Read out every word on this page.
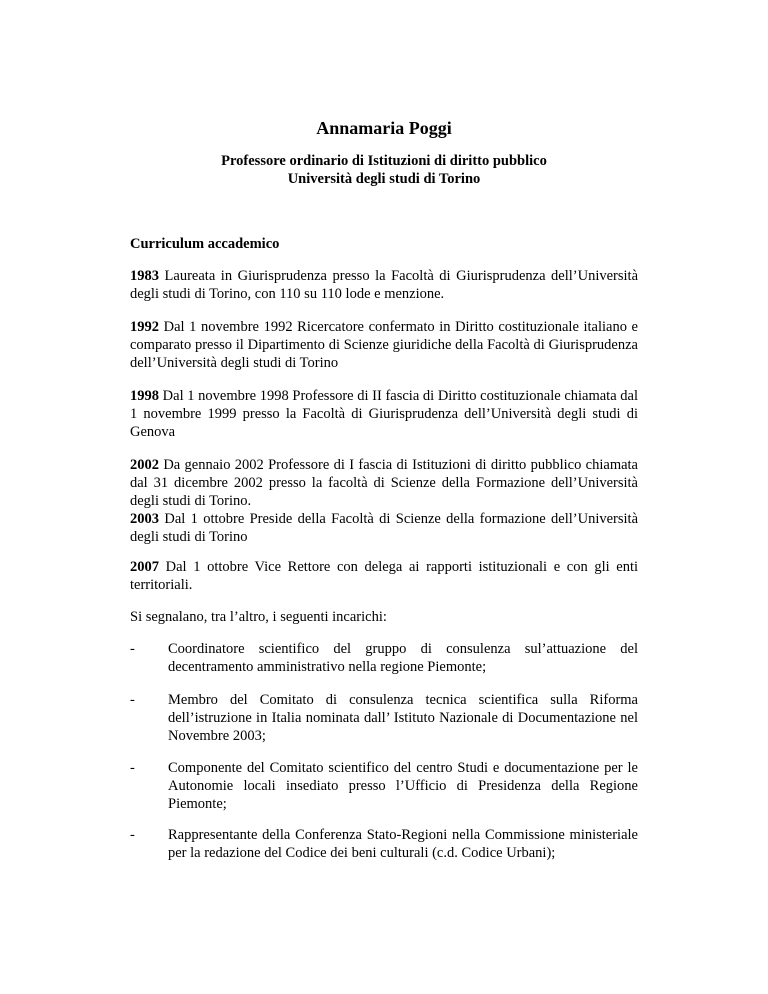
Annamaria Poggi
Professore ordinario di Istituzioni di diritto pubblico
Università degli studi di Torino
Curriculum accademico
1983 Laureata in Giurisprudenza presso la Facoltà di Giurisprudenza dell’Università degli studi di Torino, con 110 su 110 lode e menzione.
1992 Dal 1 novembre 1992 Ricercatore confermato in Diritto costituzionale italiano e comparato presso il Dipartimento di Scienze giuridiche della Facoltà di Giurisprudenza dell’Università degli studi di Torino
1998 Dal 1 novembre 1998 Professore di II fascia di Diritto costituzionale chiamata dal 1 novembre 1999 presso la Facoltà di Giurisprudenza dell’Università degli studi di Genova
2002 Da gennaio 2002 Professore di I fascia di Istituzioni di diritto pubblico chiamata dal 31 dicembre 2002 presso la facoltà di Scienze della Formazione dell’Università degli studi di Torino.
2003 Dal 1 ottobre Preside della Facoltà di Scienze della formazione dell’Università degli studi di Torino
2007 Dal 1 ottobre Vice Rettore con delega ai rapporti istituzionali e con gli enti territoriali.
Si segnalano, tra l’altro, i seguenti incarichi:
- Coordinatore scientifico del gruppo di consulenza sul’attuazione del decentramento amministrativo nella regione Piemonte;
- Membro del Comitato di consulenza tecnica scientifica sulla Riforma dell’istruzione in Italia nominata dall’ Istituto Nazionale di Documentazione nel Novembre 2003;
- Componente del Comitato scientifico del centro Studi e documentazione per le Autonomie locali insediato presso l’Ufficio di Presidenza della Regione Piemonte;
- Rappresentante della Conferenza Stato-Regioni nella Commissione ministeriale per la redazione del Codice dei beni culturali (c.d. Codice Urbani);
